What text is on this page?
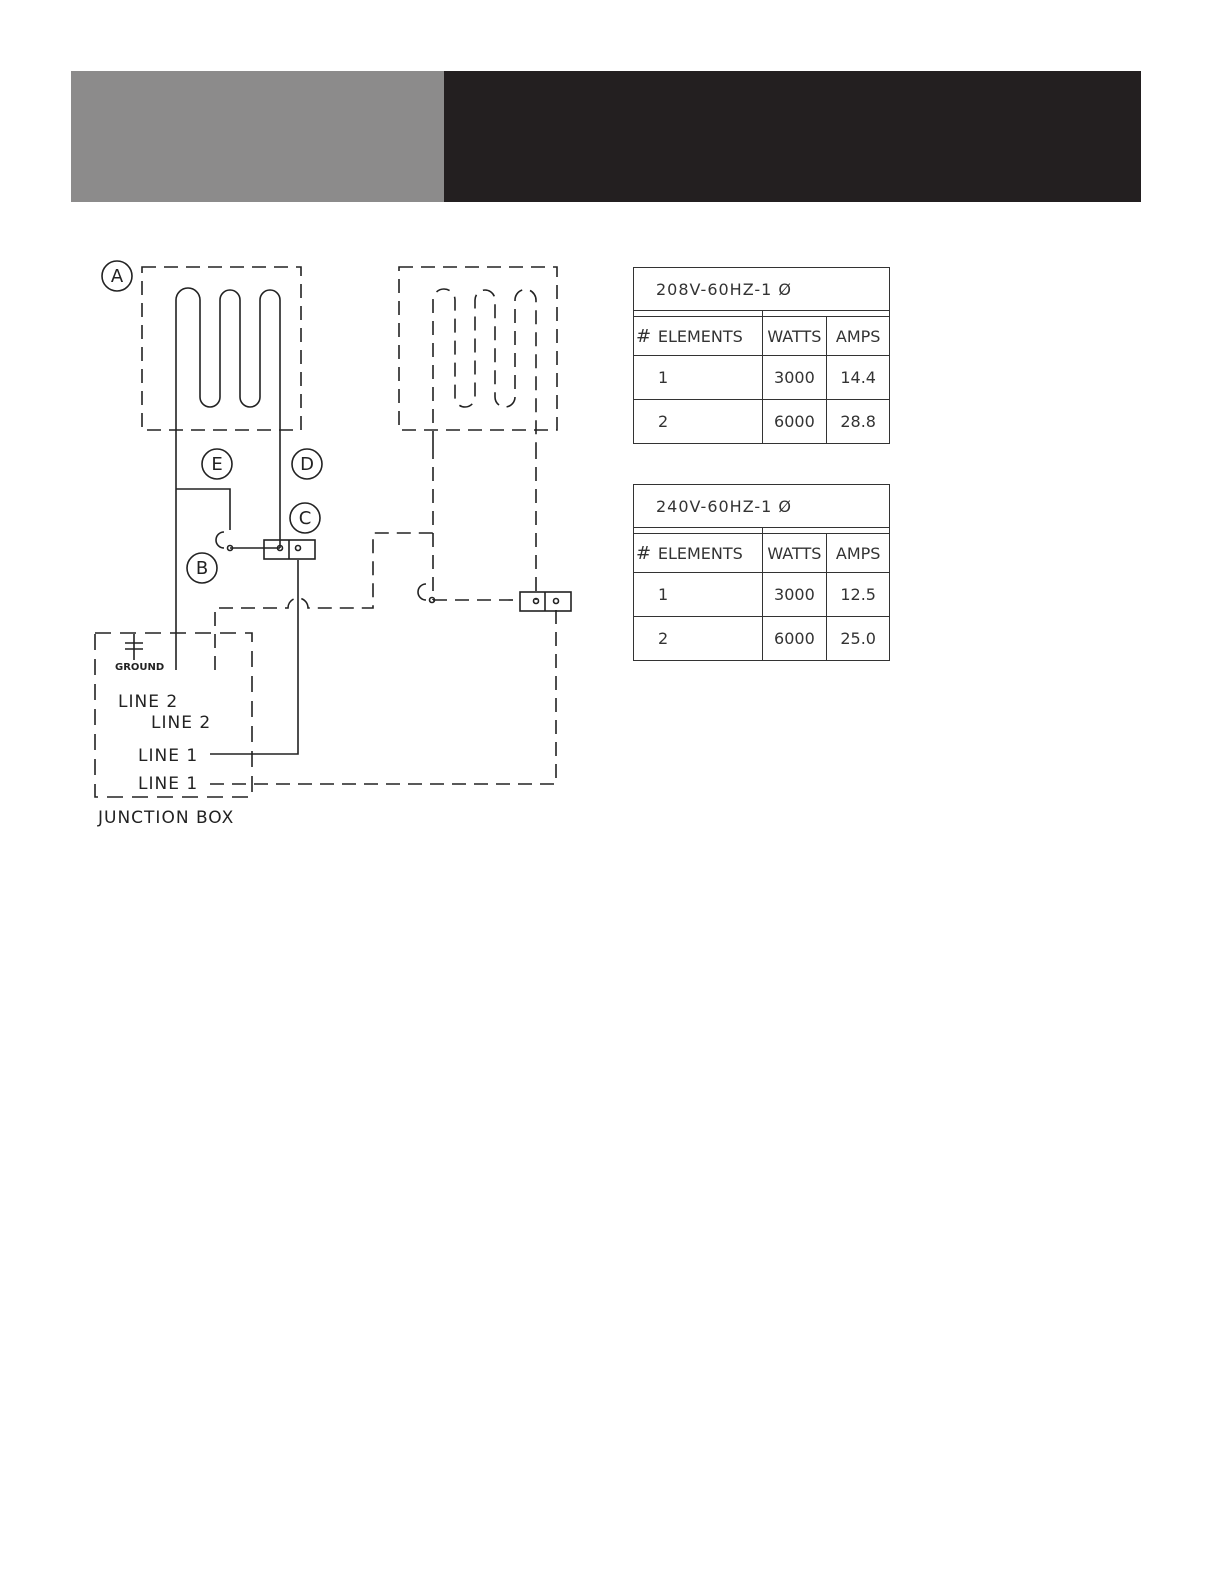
A
E	D
C
B
GROUND
LINE 2
LINE 2
LINE 1
LINE 1
JUNCTION BOX
208V-60HZ-1 Ø			

#	ELEMENTS	WATTS	AMPS
1		3000	14.4
2		6000	28.8
240V-60HZ-1 Ø			

#	ELEMENTS	WATTS	AMPS
1		3000	12.5
2		6000	25.0
